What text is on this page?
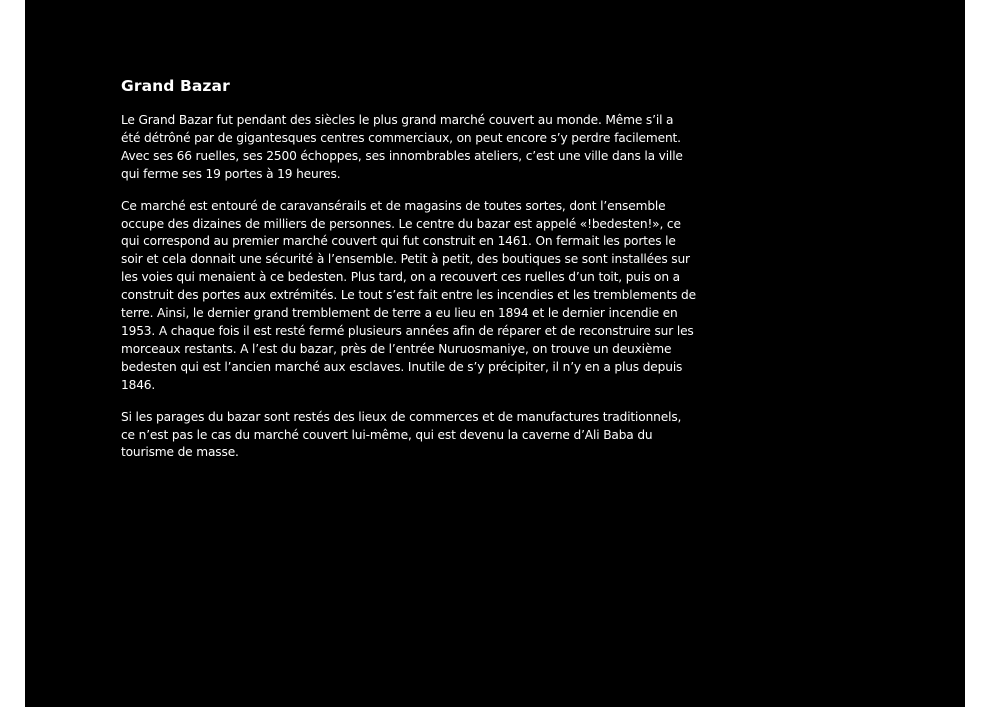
Grand Bazar

Le Grand Bazar fut pendant des siècles le plus grand marché couvert au monde. Même s’il a été détrôné par de gigantesques centres commerciaux, on peut encore s’y perdre facilement. Avec ses 66 ruelles, ses 2500 échoppes, ses innombrables ateliers, c’est une ville dans la ville qui ferme ses 19 portes à 19 heures.

Ce marché est entouré de caravansérails et de magasins de toutes sortes, dont l’ensemble occupe des dizaines de milliers de personnes. Le centre du bazar est appelé «!bedesten!», ce qui correspond au premier marché couvert qui fut construit en 1461. On fermait les portes le soir et cela donnait une sécurité à l’ensemble. Petit à petit, des boutiques se sont installées sur les voies qui menaient à ce bedesten. Plus tard, on a recouvert ces ruelles d’un toit, puis on a construit des portes aux extrémités. Le tout s’est fait entre les incendies et les tremblements de terre. Ainsi, le dernier grand tremblement de terre a eu lieu en 1894 et le dernier incendie en 1953. A chaque fois il est resté fermé plusieurs années afin de réparer et de reconstruire sur les morceaux restants. A l’est du bazar, près de l’entrée Nuruosmaniye, on trouve un deuxième bedesten qui est l’ancien marché aux esclaves. Inutile de s’y précipiter, il n’y en a plus depuis 1846.

Si les parages du bazar sont restés des lieux de commerces et de manufactures traditionnels, ce n’est pas le cas du marché couvert lui-même, qui est devenu la caverne d’Ali Baba du tourisme de masse.
